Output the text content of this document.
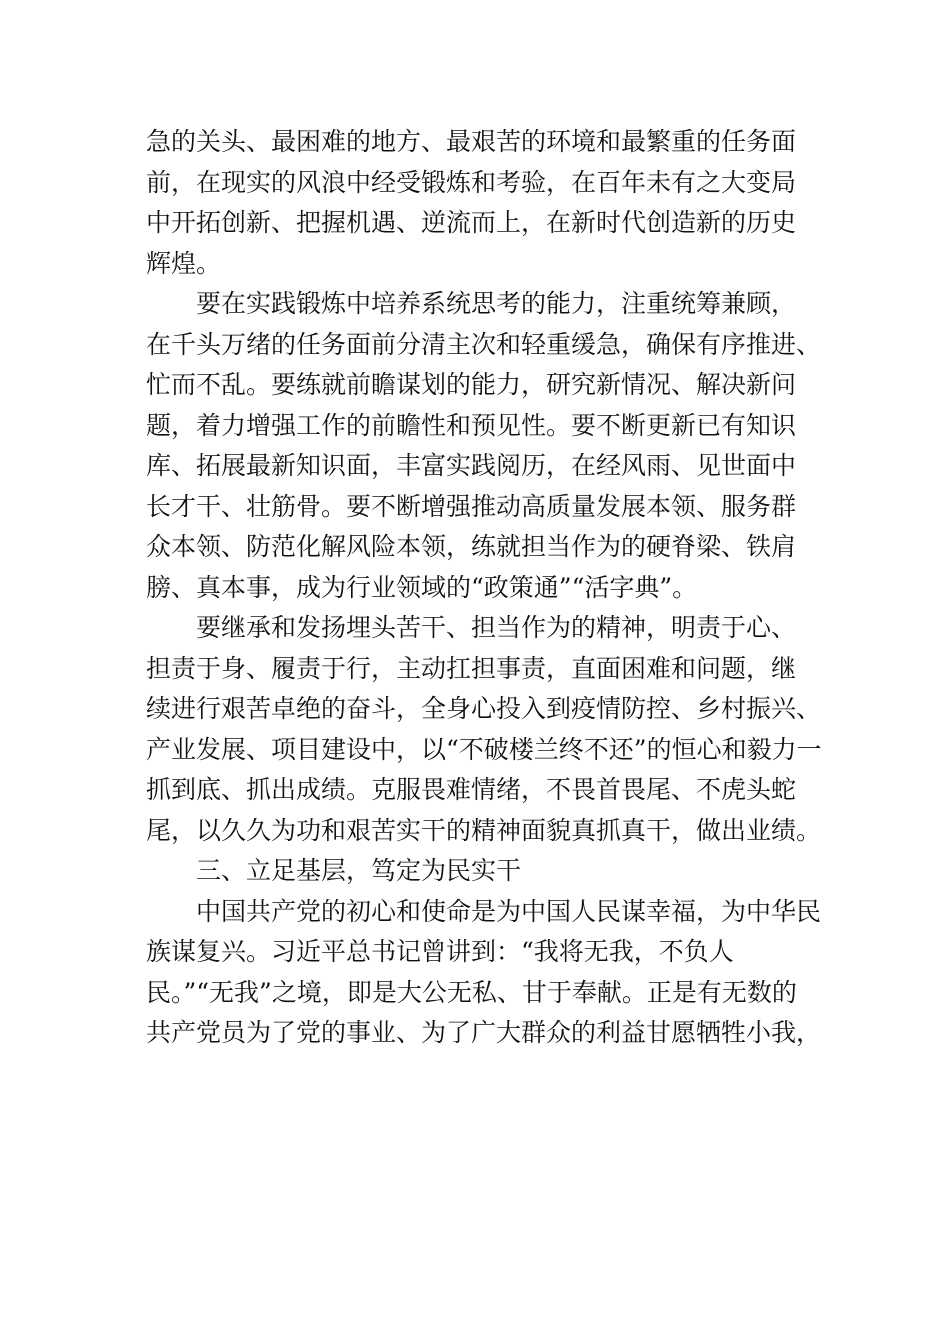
急的关头、最困难的地方、最艰苦的环境和最繁重的任务面
前，在现实的风浪中经受锻炼和考验，在百年未有之大变局
中开拓创新、把握机遇、逆流而上，在新时代创造新的历史
辉煌。
要在实践锻炼中培养系统思考的能力，注重统筹兼顾，
在千头万绪的任务面前分清主次和轻重缓急，确保有序推进、
忙而不乱。要练就前瞻谋划的能力，研究新情况、解决新问
题，着力增强工作的前瞻性和预见性。要不断更新已有知识
库、拓展最新知识面，丰富实践阅历，在经风雨、见世面中
长才干、壮筋骨。要不断增强推动高质量发展本领、服务群
众本领、防范化解风险本领，练就担当作为的硬脊梁、铁肩
膀、真本事，成为行业领域的“政策通”“活字典”。
要继承和发扬埋头苦干、担当作为的精神，明责于心、
担责于身、履责于行，主动扛担事责，直面困难和问题，继
续进行艰苦卓绝的奋斗，全身心投入到疫情防控、乡村振兴、
产业发展、项目建设中，以“不破楼兰终不还”的恒心和毅力一
抓到底、抓出成绩。克服畏难情绪，不畏首畏尾、不虎头蛇
尾，以久久为功和艰苦实干的精神面貌真抓真干，做出业绩。
三、立足基层，笃定为民实干
中国共产党的初心和使命是为中国人民谋幸福，为中华民
族谋复兴。习近平总书记曾讲到：“我将无我，不负人
民。”“无我”之境，即是大公无私、甘于奉献。正是有无数的
共产党员为了党的事业、为了广大群众的利益甘愿牺牲小我，
